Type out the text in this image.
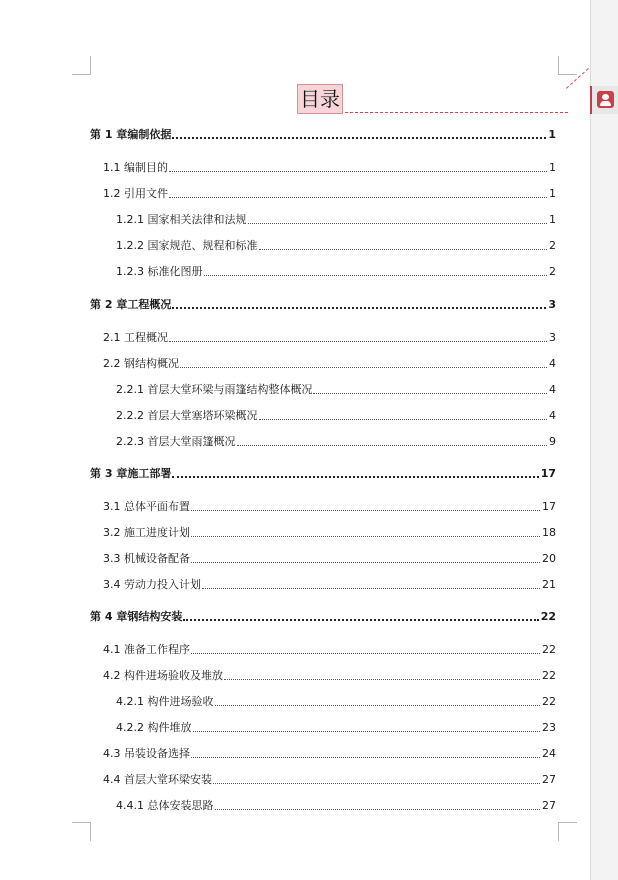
目录
第 1 章编制依据	1
1.1 编制目的	1
1.2 引用文件	1
1.2.1 国家相关法律和法规	1
1.2.2 国家规范、规程和标准	2
1.2.3 标准化图册	2
第 2 章工程概况	3
2.1 工程概况	3
2.2 钢结构概况	4
2.2.1 首层大堂环梁与雨篷结构整体概况	4
2.2.2 首层大堂塞塔环梁概况	4
2.2.3 首层大堂雨篷概况	9
第 3 章施工部署	17
3.1 总体平面布置	17
3.2 施工进度计划	18
3.3 机械设备配备	20
3.4 劳动力投入计划	21
第 4 章钢结构安装	22
4.1 准备工作程序	22
4.2 构件进场验收及堆放	22
4.2.1 构件进场验收	22
4.2.2 构件堆放	23
4.3 吊装设备选择	24
4.4 首层大堂环梁安装	27
4.4.1 总体安装思路	27
